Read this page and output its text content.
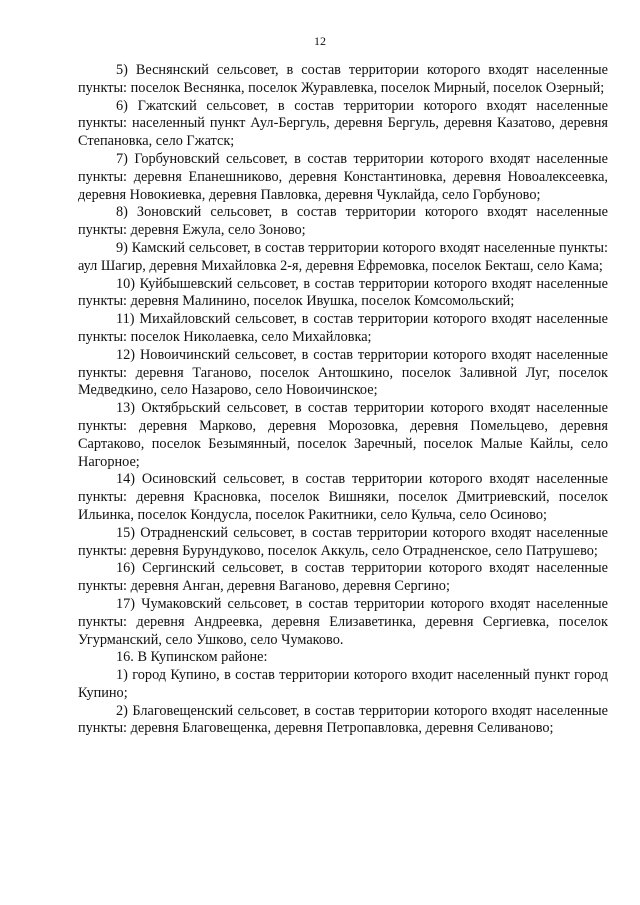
12

5) Веснянский сельсовет, в состав территории которого входят населенные пункты: поселок Веснянка, поселок Журавлевка, поселок Мирный, поселок Озерный;

6) Гжатский сельсовет, в состав территории которого входят населенные пункты: населенный пункт Аул-Бергуль, деревня Бергуль, деревня Казатово, деревня Степановка, село Гжатск;

7) Горбуновский сельсовет, в состав территории которого входят населенные пункты: деревня Епанешниково, деревня Константиновка, деревня Новоалексеевка, деревня Новокиевка, деревня Павловка, деревня Чуклайда, село Горбуново;

8) Зоновский сельсовет, в состав территории которого входят населенные пункты: деревня Ежула, село Зоново;

9) Камский сельсовет, в состав территории которого входят населенные пункты: аул Шагир, деревня Михайловка 2-я, деревня Ефремовка, поселок Бекташ, село Кама;

10) Куйбышевский сельсовет, в состав территории которого входят населенные пункты: деревня Малинино, поселок Ивушка, поселок Комсомольский;

11) Михайловский сельсовет, в состав территории которого входят населенные пункты: поселок Николаевка, село Михайловка;

12) Новоичинский сельсовет, в состав территории которого входят населенные пункты: деревня Таганово, поселок Антошкино, поселок Заливной Луг, поселок Медведкино, село Назарово, село Новоичинское;

13) Октябрьский сельсовет, в состав территории которого входят населенные пункты: деревня Марково, деревня Морозовка, деревня Помельцево, деревня Сартаково, поселок Безымянный, поселок Заречный, поселок Малые Кайлы, село Нагорное;

14) Осиновский сельсовет, в состав территории которого входят населенные пункты: деревня Красновка, поселок Вишняки, поселок Дмитриевский, поселок Ильинка, поселок Кондусла, поселок Ракитники, село Кульча, село Осиново;

15) Отрадненский сельсовет, в состав территории которого входят населенные пункты: деревня Бурундуково, поселок Аккуль, село Отрадненское, село Патрушево;

16) Сергинский сельсовет, в состав территории которого входят населенные пункты: деревня Анган, деревня Ваганово, деревня Сергино;

17) Чумаковский сельсовет, в состав территории которого входят населенные пункты: деревня Андреевка, деревня Елизаветинка, деревня Сергиевка, поселок Угурманский, село Ушково, село Чумаково.

16. В Купинском районе:

1) город Купино, в состав территории которого входит населенный пункт город Купино;

2) Благовещенский сельсовет, в состав территории которого входят населенные пункты: деревня Благовещенка, деревня Петропавловка, деревня Селиваново;
